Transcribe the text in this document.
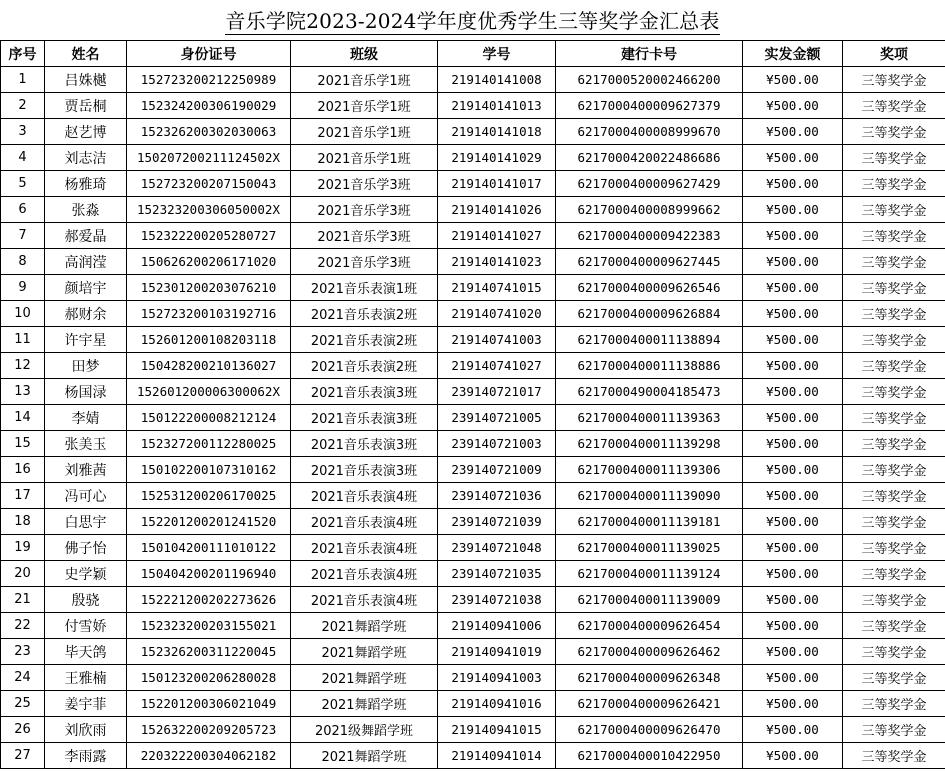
音乐学院2023-2024学年度优秀学生三等奖学金汇总表
序号	姓名	身份证号	班级	学号	建行卡号	实发金额	奖项
1	吕姝樾	152723200212250989	2021音乐学1班	219140141008	6217000520002466200	¥500.00	三等奖学金
2	贾岳桐	152324200306190029	2021音乐学1班	219140141013	6217000400009627379	¥500.00	三等奖学金
3	赵艺博	152326200302030063	2021音乐学1班	219140141018	6217000400008999670	¥500.00	三等奖学金
4	刘志洁	150207200211124502X	2021音乐学1班	219140141029	6217000420022486686	¥500.00	三等奖学金
5	杨雅琦	152723200207150043	2021音乐学3班	219140141017	6217000400009627429	¥500.00	三等奖学金
6	张淼	152323200306050002X	2021音乐学3班	219140141026	6217000400008999662	¥500.00	三等奖学金
7	郝爱晶	152322200205280727	2021音乐学3班	219140141027	6217000400009422383	¥500.00	三等奖学金
8	高润滢	150626200206171020	2021音乐学3班	219140141023	6217000400009627445	¥500.00	三等奖学金
9	颜培宇	152301200203076210	2021音乐表演1班	219140741015	6217000400009626546	¥500.00	三等奖学金
10	郝财余	152723200103192716	2021音乐表演2班	219140741020	6217000400009626884	¥500.00	三等奖学金
11	许宇星	152601200108203118	2021音乐表演2班	219140741003	6217000400011138894	¥500.00	三等奖学金
12	田梦	150428200210136027	2021音乐表演2班	219140741027	6217000400011138886	¥500.00	三等奖学金
13	杨国渌	152601200006300062X	2021音乐表演3班	239140721017	6217000490004185473	¥500.00	三等奖学金
14	李婧	150122200008212124	2021音乐表演3班	239140721005	6217000400011139363	¥500.00	三等奖学金
15	张美玉	152327200112280025	2021音乐表演3班	239140721003	6217000400011139298	¥500.00	三等奖学金
16	刘雅茜	150102200107310162	2021音乐表演3班	239140721009	6217000400011139306	¥500.00	三等奖学金
17	冯可心	152531200206170025	2021音乐表演4班	239140721036	6217000400011139090	¥500.00	三等奖学金
18	白思宇	152201200201241520	2021音乐表演4班	239140721039	6217000400011139181	¥500.00	三等奖学金
19	佛子怡	150104200111010122	2021音乐表演4班	239140721048	6217000400011139025	¥500.00	三等奖学金
20	史学颖	150404200201196940	2021音乐表演4班	239140721035	6217000400011139124	¥500.00	三等奖学金
21	殷骁	152221200202273626	2021音乐表演4班	239140721038	6217000400011139009	¥500.00	三等奖学金
22	付雪娇	152323200203155021	2021舞蹈学班	219140941006	6217000400009626454	¥500.00	三等奖学金
23	毕天鸽	152326200311220045	2021舞蹈学班	219140941019	6217000400009626462	¥500.00	三等奖学金
24	王雅楠	150123200206280028	2021舞蹈学班	219140941003	6217000400009626348	¥500.00	三等奖学金
25	姜宇菲	152201200306021049	2021舞蹈学班	219140941016	6217000400009626421	¥500.00	三等奖学金
26	刘欣雨	152632200209205723	2021级舞蹈学班	219140941015	6217000400009626470	¥500.00	三等奖学金
27	李雨露	220322200304062182	2021舞蹈学班	219140941014	6217000400010422950	¥500.00	三等奖学金
